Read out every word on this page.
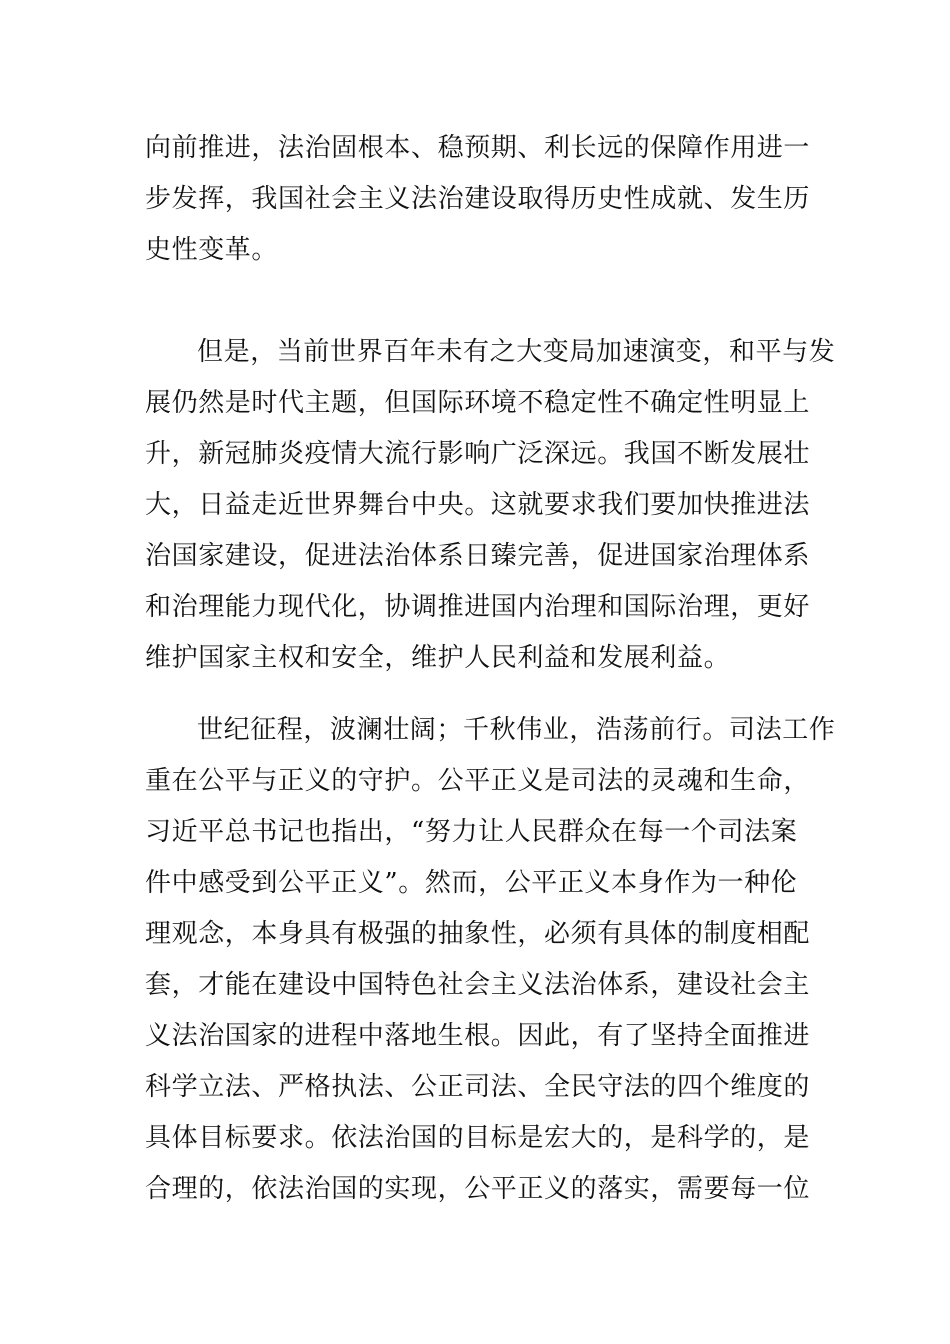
向前推进，法治固根本、稳预期、利长远的保障作用进一
步发挥，我国社会主义法治建设取得历史性成就、发生历
史性变革。
但是，当前世界百年未有之大变局加速演变，和平与发
展仍然是时代主题，但国际环境不稳定性不确定性明显上
升，新冠肺炎疫情大流行影响广泛深远。我国不断发展壮
大，日益走近世界舞台中央。这就要求我们要加快推进法
治国家建设，促进法治体系日臻完善，促进国家治理体系
和治理能力现代化，协调推进国内治理和国际治理，更好
维护国家主权和安全，维护人民利益和发展利益。
世纪征程，波澜壮阔；千秋伟业，浩荡前行。司法工作
重在公平与正义的守护。公平正义是司法的灵魂和生命，
习近平总书记也指出，“努力让人民群众在每一个司法案
件中感受到公平正义”。然而，公平正义本身作为一种伦
理观念，本身具有极强的抽象性，必须有具体的制度相配
套，才能在建设中国特色社会主义法治体系，建设社会主
义法治国家的进程中落地生根。因此，有了坚持全面推进
科学立法、严格执法、公正司法、全民守法的四个维度的
具体目标要求。依法治国的目标是宏大的，是科学的，是
合理的，依法治国的实现，公平正义的落实，需要每一位
